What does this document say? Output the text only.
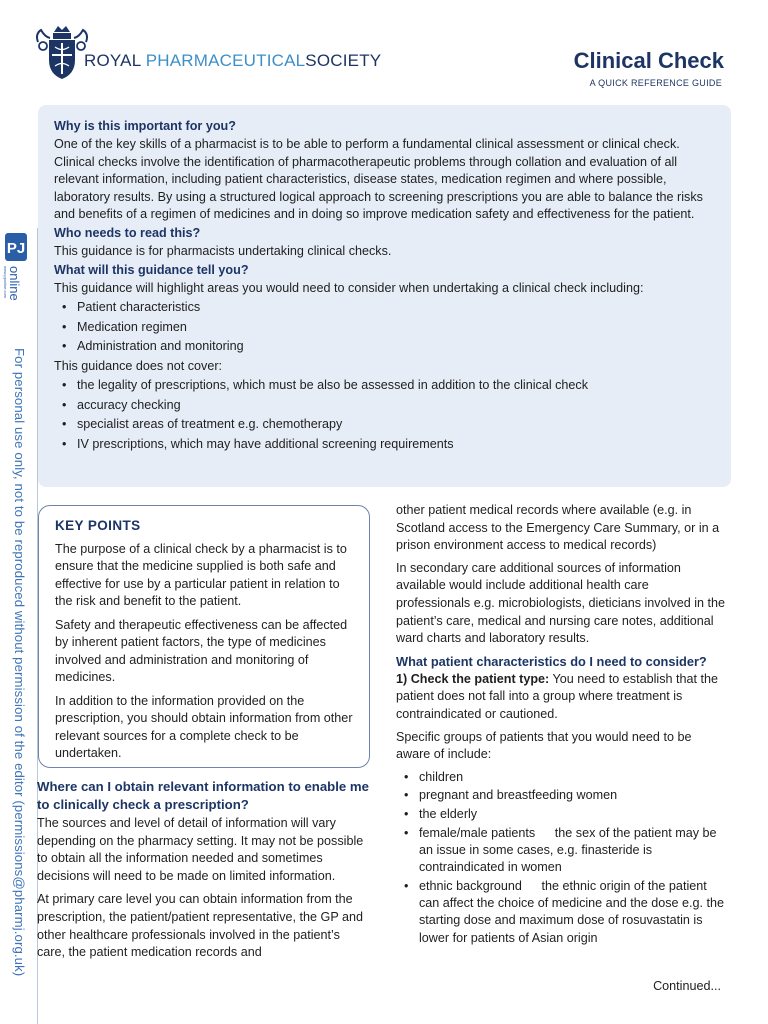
ROYAL PHARMACEUTICALSOCIETY	Clinical Check
A QUICK REFERENCE GUIDE
PJ
online
www.pjonline.com
For personal use only, not to be reproduced without permission of the editor (permissions@pharmj.org.uk)
Why is this important for you?

One of the key skills of a pharmacist is to be able to perform a fundamental clinical assessment or clinical check. Clinical checks involve the identification of pharmacotherapeutic problems through collation and evaluation of all relevant information, including patient characteristics, disease states, medication regimen and where possible, laboratory results. By using a structured logical approach to screening prescriptions you are able to balance the risks and benefits of a regimen of medicines and in doing so improve medication safety and effectiveness for the patient.

Who needs to read this?

This guidance is for pharmacists undertaking clinical checks.

What will this guidance tell you?

This guidance will highlight areas you would need to consider when undertaking a clinical check including:

• Patient characteristics
• Medication regimen
• Administration and monitoring

This guidance does not cover:

• the legality of prescriptions, which must be also be assessed in addition to the clinical check
• accuracy checking
• specialist areas of treatment e.g. chemotherapy
• IV prescriptions, which may have additional screening requirements
KEY POINTS

The purpose of a clinical check by a pharmacist is to ensure that the medicine supplied is both safe and effective for use by a particular patient in relation to the risk and benefit to the patient.

Safety and therapeutic effectiveness can be affected by inherent patient factors, the type of medicines involved and administration and monitoring of medicines.

In addition to the information provided on the prescription, you should obtain information from other relevant sources for a complete check to be undertaken.

Where can I obtain relevant information to enable me to clinically check a prescription?

The sources and level of detail of information will vary depending on the pharmacy setting. It may not be possible to obtain all the information needed and sometimes decisions will need to be made on limited information.

At primary care level you can obtain information from the prescription, the patient/patient representative, the GP and other healthcare professionals involved in the patient’s care, the patient medication records and

other patient medical records where available (e.g. in Scotland access to the Emergency Care Summary, or in a prison environment access to medical records)

In secondary care additional sources of information available would include additional health care professionals e.g. microbiologists, dieticians involved in the patient’s care, medical and nursing care notes, additional ward charts and laboratory results.

What patient characteristics do I need to consider?

1) Check the patient type: You need to establish that the patient does not fall into a group where treatment is contraindicated or cautioned.

Specific groups of patients that you would need to be aware of include:

• children
• pregnant and breastfeeding women
• the elderly
• female/male patients   the sex of the patient may be an issue in some cases, e.g. finasteride is contraindicated in women
• ethnic background   the ethnic origin of the patient can affect the choice of medicine and the dose e.g. the starting dose and maximum dose of rosuvastatin is lower for patients of Asian origin
Continued...
